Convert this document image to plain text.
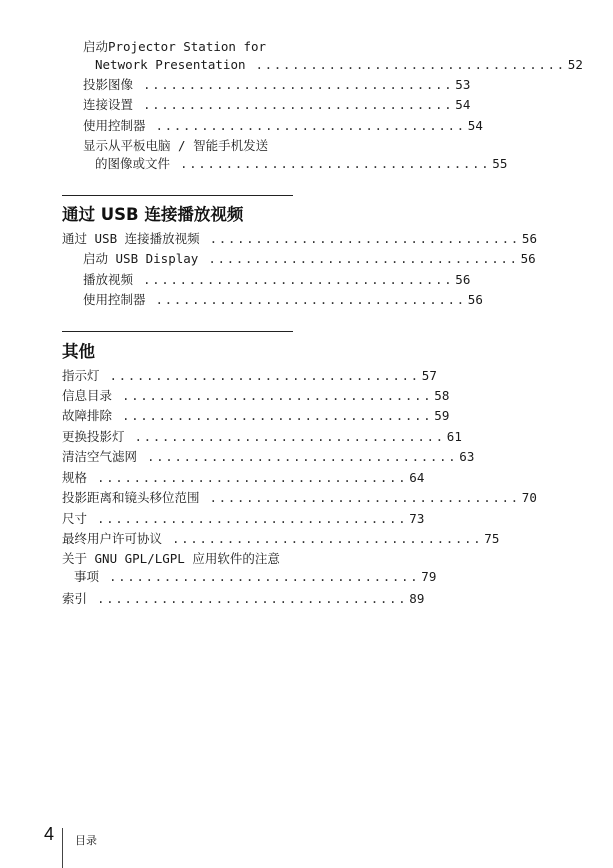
启动Projector Station for
Network Presentation .................................. 52
投影图像 .................................. 53
连接设置 .................................. 54
使用控制器 .................................. 54
显示从平板电脑 / 智能手机发送
的图像或文件 .................................. 55
通过 USB 连接播放视频
通过 USB 连接播放视频 .................................. 56
启动 USB Display .................................. 56
播放视频 .................................. 56
使用控制器 .................................. 56
其他
指示灯 .................................. 57
信息目录 .................................. 58
故障排除 .................................. 59
更换投影灯 .................................. 61
清洁空气滤网 .................................. 63
规格 .................................. 64
投影距离和镜头移位范围 .................................. 70
尺寸 .................................. 73
最终用户许可协议 .................................. 75
关于 GNU GPL/LGPL 应用软件的注意
事项 .................................. 79
索引 .................................. 89
4 目录
